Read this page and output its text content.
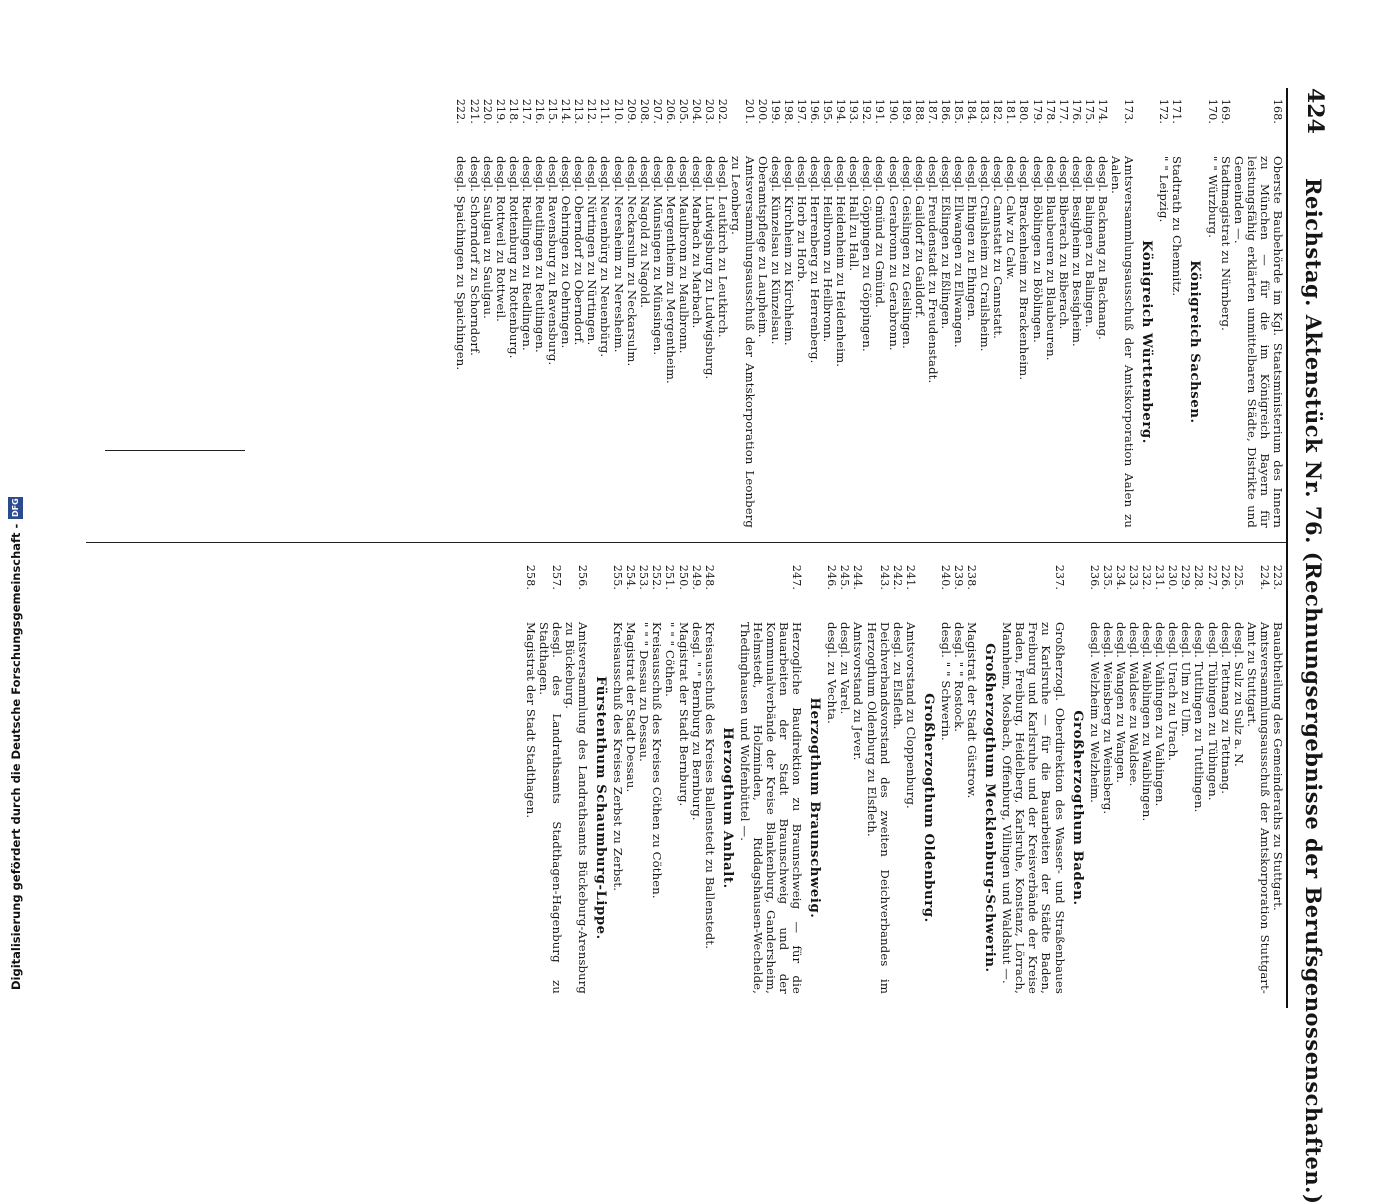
424
Reichstag. Aktenstück Nr. 76. (Rechnungsergebnisse der Berufsgenossenschaften.)
168.
Oberste Baubehörde im Kgl. Staatsministerium des Innern zu München — für die im Königreich Bayern für leistungsfähig erklärten unmittelbaren Städte, Distrikte und Gemeinden —.
169.
Stadtmagistrat zu Nürnberg.
170.
" " Würzburg.
Königreich Sachsen.
171.
Stadtrath zu Chemnitz.
172.
" " Leipzig.
Königreich Württemberg.
173.
Amtsversammlungsausschuß der Amtskorporation Aalen zu Aalen.
174.
desgl. Backnang zu Backnang.
175.
desgl. Balingen zu Balingen.
176.
desgl. Besigheim zu Besigheim.
177.
desgl. Biberach zu Biberach.
178.
desgl. Blaubeuren zu Blaubeuren.
179.
desgl. Böblingen zu Böblingen.
180.
desgl. Brackenheim zu Brackenheim.
181.
desgl. Calw zu Calw.
182.
desgl. Cannstatt zu Cannstatt.
183.
desgl. Crailsheim zu Crailsheim.
184.
desgl. Ehingen zu Ehingen.
185.
desgl. Ellwangen zu Ellwangen.
186.
desgl. Eßlingen zu Eßlingen.
187.
desgl. Freudenstadt zu Freudenstadt.
188.
desgl. Gaildorf zu Gaildorf.
189.
desgl. Geislingen zu Geislingen.
190.
desgl. Gerabronn zu Gerabronn.
191.
desgl. Gmünd zu Gmünd.
192.
desgl. Göppingen zu Göppingen.
193.
desgl. Hall zu Hall.
194.
desgl. Heidenheim zu Heidenheim.
195.
desgl. Heilbronn zu Heilbronn.
196.
desgl. Herrenberg zu Herrenberg.
197.
desgl. Horb zu Horb.
198.
desgl. Kirchheim zu Kirchheim.
199.
desgl. Künzelsau zu Künzelsau.
200.
Oberamtspflege zu Laupheim.
201.
Amtsversammlungsausschuß der Amtskorporation Leonberg zu Leonberg.
202.
desgl. Leutkirch zu Leutkirch.
203.
desgl. Ludwigsburg zu Ludwigsburg.
204.
desgl. Marbach zu Marbach.
205.
desgl. Maulbronn zu Maulbronn.
206.
desgl. Mergentheim zu Mergentheim.
207.
desgl. Münsingen zu Münsingen.
208.
desgl. Nagold zu Nagold.
209.
desgl. Neckarsulm zu Neckarsulm.
210.
desgl. Neresheim zu Neresheim.
211.
desgl. Neuenbürg zu Neuenbürg.
212.
desgl. Nürtingen zu Nürtingen.
213.
desgl. Oberndorf zu Oberndorf.
214.
desgl. Oehringen zu Oehringen.
215.
desgl. Ravensburg zu Ravensburg.
216.
desgl. Reutlingen zu Reutlingen.
217.
desgl. Riedlingen zu Riedlingen.
218.
desgl. Rottenburg zu Rottenburg.
219.
desgl. Rottweil zu Rottweil.
220.
desgl. Saulgau zu Saulgau.
221.
desgl. Schorndorf zu Schorndorf.
222.
desgl. Spaichingen zu Spaichingen.
223.
Bauabtheilung des Gemeinderaths zu Stuttgart.
224.
Amtsversammlungsausschuß der Amtskorporation Stuttgart-Amt zu Stuttgart.
225.
desgl. Sulz zu Sulz a. N.
226.
desgl. Tettnang zu Tettnang.
227.
desgl. Tübingen zu Tübingen.
228.
desgl. Tuttlingen zu Tuttlingen.
229.
desgl. Ulm zu Ulm.
230.
desgl. Urach zu Urach.
231.
desgl. Vaihingen zu Vaihingen.
232.
desgl. Waiblingen zu Waiblingen.
233.
desgl. Waldsee zu Waldsee.
234.
desgl. Wangen zu Wangen.
235.
desgl. Weinsberg zu Weinsberg.
236.
desgl. Welzheim zu Welzheim.
Großherzogthum Baden.
237.
Großherzogl. Oberdirektion des Wasser- und Straßenbaues zu Karlsruhe — für die Bauarbeiten der Städte Baden, Freiburg und Karlsruhe und der Kreisverbände der Kreise Baden, Freiburg, Heidelberg, Karlsruhe, Konstanz, Lörrach, Mannheim, Mosbach, Offenburg, Villingen und Waldshut —.
Großherzogthum Mecklenburg-Schwerin.
238.
Magistrat der Stadt Güstrow.
239.
desgl. " " Rostock.
240.
desgl. " " Schwerin.
Großherzogthum Oldenburg.
241.
Amtsvorstand zu Cloppenburg.
242.
desgl. zu Elsfleth.
243.
Deichverbandsvorstand des zweiten Deichverbandes im Herzogthum Oldenburg zu Elsfleth.
244.
Amtsvorstand zu Jever.
245.
desgl. zu Varel.
246.
desgl. zu Vechta.
Herzogthum Braunschweig.
247.
Herzogliche Baudirektion zu Braunschweig — für die Bauarbeiten der Stadt Braunschweig und der Kommunalverbände der Kreise Blankenburg, Gandersheim, Helmstedt, Holzminden, Riddagshausen-Wechelde, Thedinghausen und Wolfenbüttel —.
Herzogthum Anhalt.
248.
Kreisausschuß des Kreises Ballenstedt zu Ballenstedt.
249.
desgl. " " Bernburg zu Bernburg.
250.
Magistrat der Stadt Bernburg.
251.
" " " Cöthen.
252.
Kreisausschuß des Kreises Cöthen zu Cöthen.
253.
" " " Dessau zu Dessau.
254.
Magistrat der Stadt Dessau.
255.
Kreisausschuß des Kreises Zerbst zu Zerbst.
Fürstenthum Schaumburg-Lippe.
256.
Amtsversammlung des Landrathsamts Bückeburg-Arensburg zu Bückeburg.
257.
desgl. des Landrathsamts Stadthagen-Hagenburg zu Stadthagen.
258.
Magistrat der Stadt Stadthagen.
Digitalisierung gefördert durch die Deutsche Forschungsgemeinschaft -
DFG
